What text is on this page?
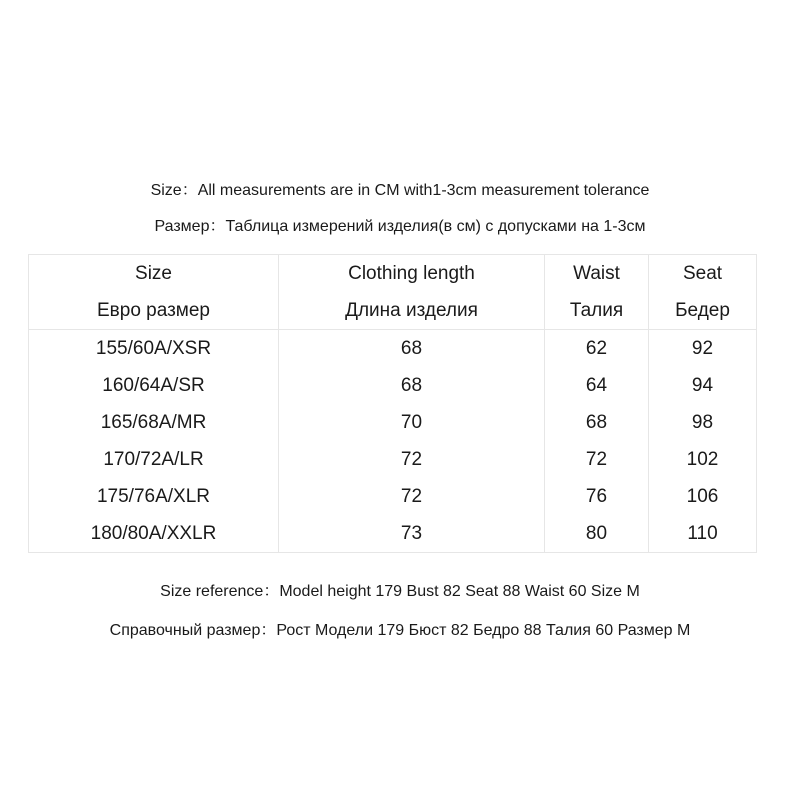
Size：All measurements are in CM with1-3cm measurement tolerance
Размер：Таблица измерений изделия(в см) с допусками на 1-3см
Size	Clothing length	Waist	Seat
Евро размер	Длина изделия	Талия	Бедер
155/60A/XSR	68	62	92
160/64A/SR	68	64	94
165/68A/MR	70	68	98
170/72A/LR	72	72	102
175/76A/XLR	72	76	106
180/80A/XXLR	73	80	110
Size reference：Model height 179 Bust 82 Seat 88 Waist 60 Size M
Справочный размер：Рост Модели 179 Бюст 82 Бедро 88 Талия 60 Размер M
